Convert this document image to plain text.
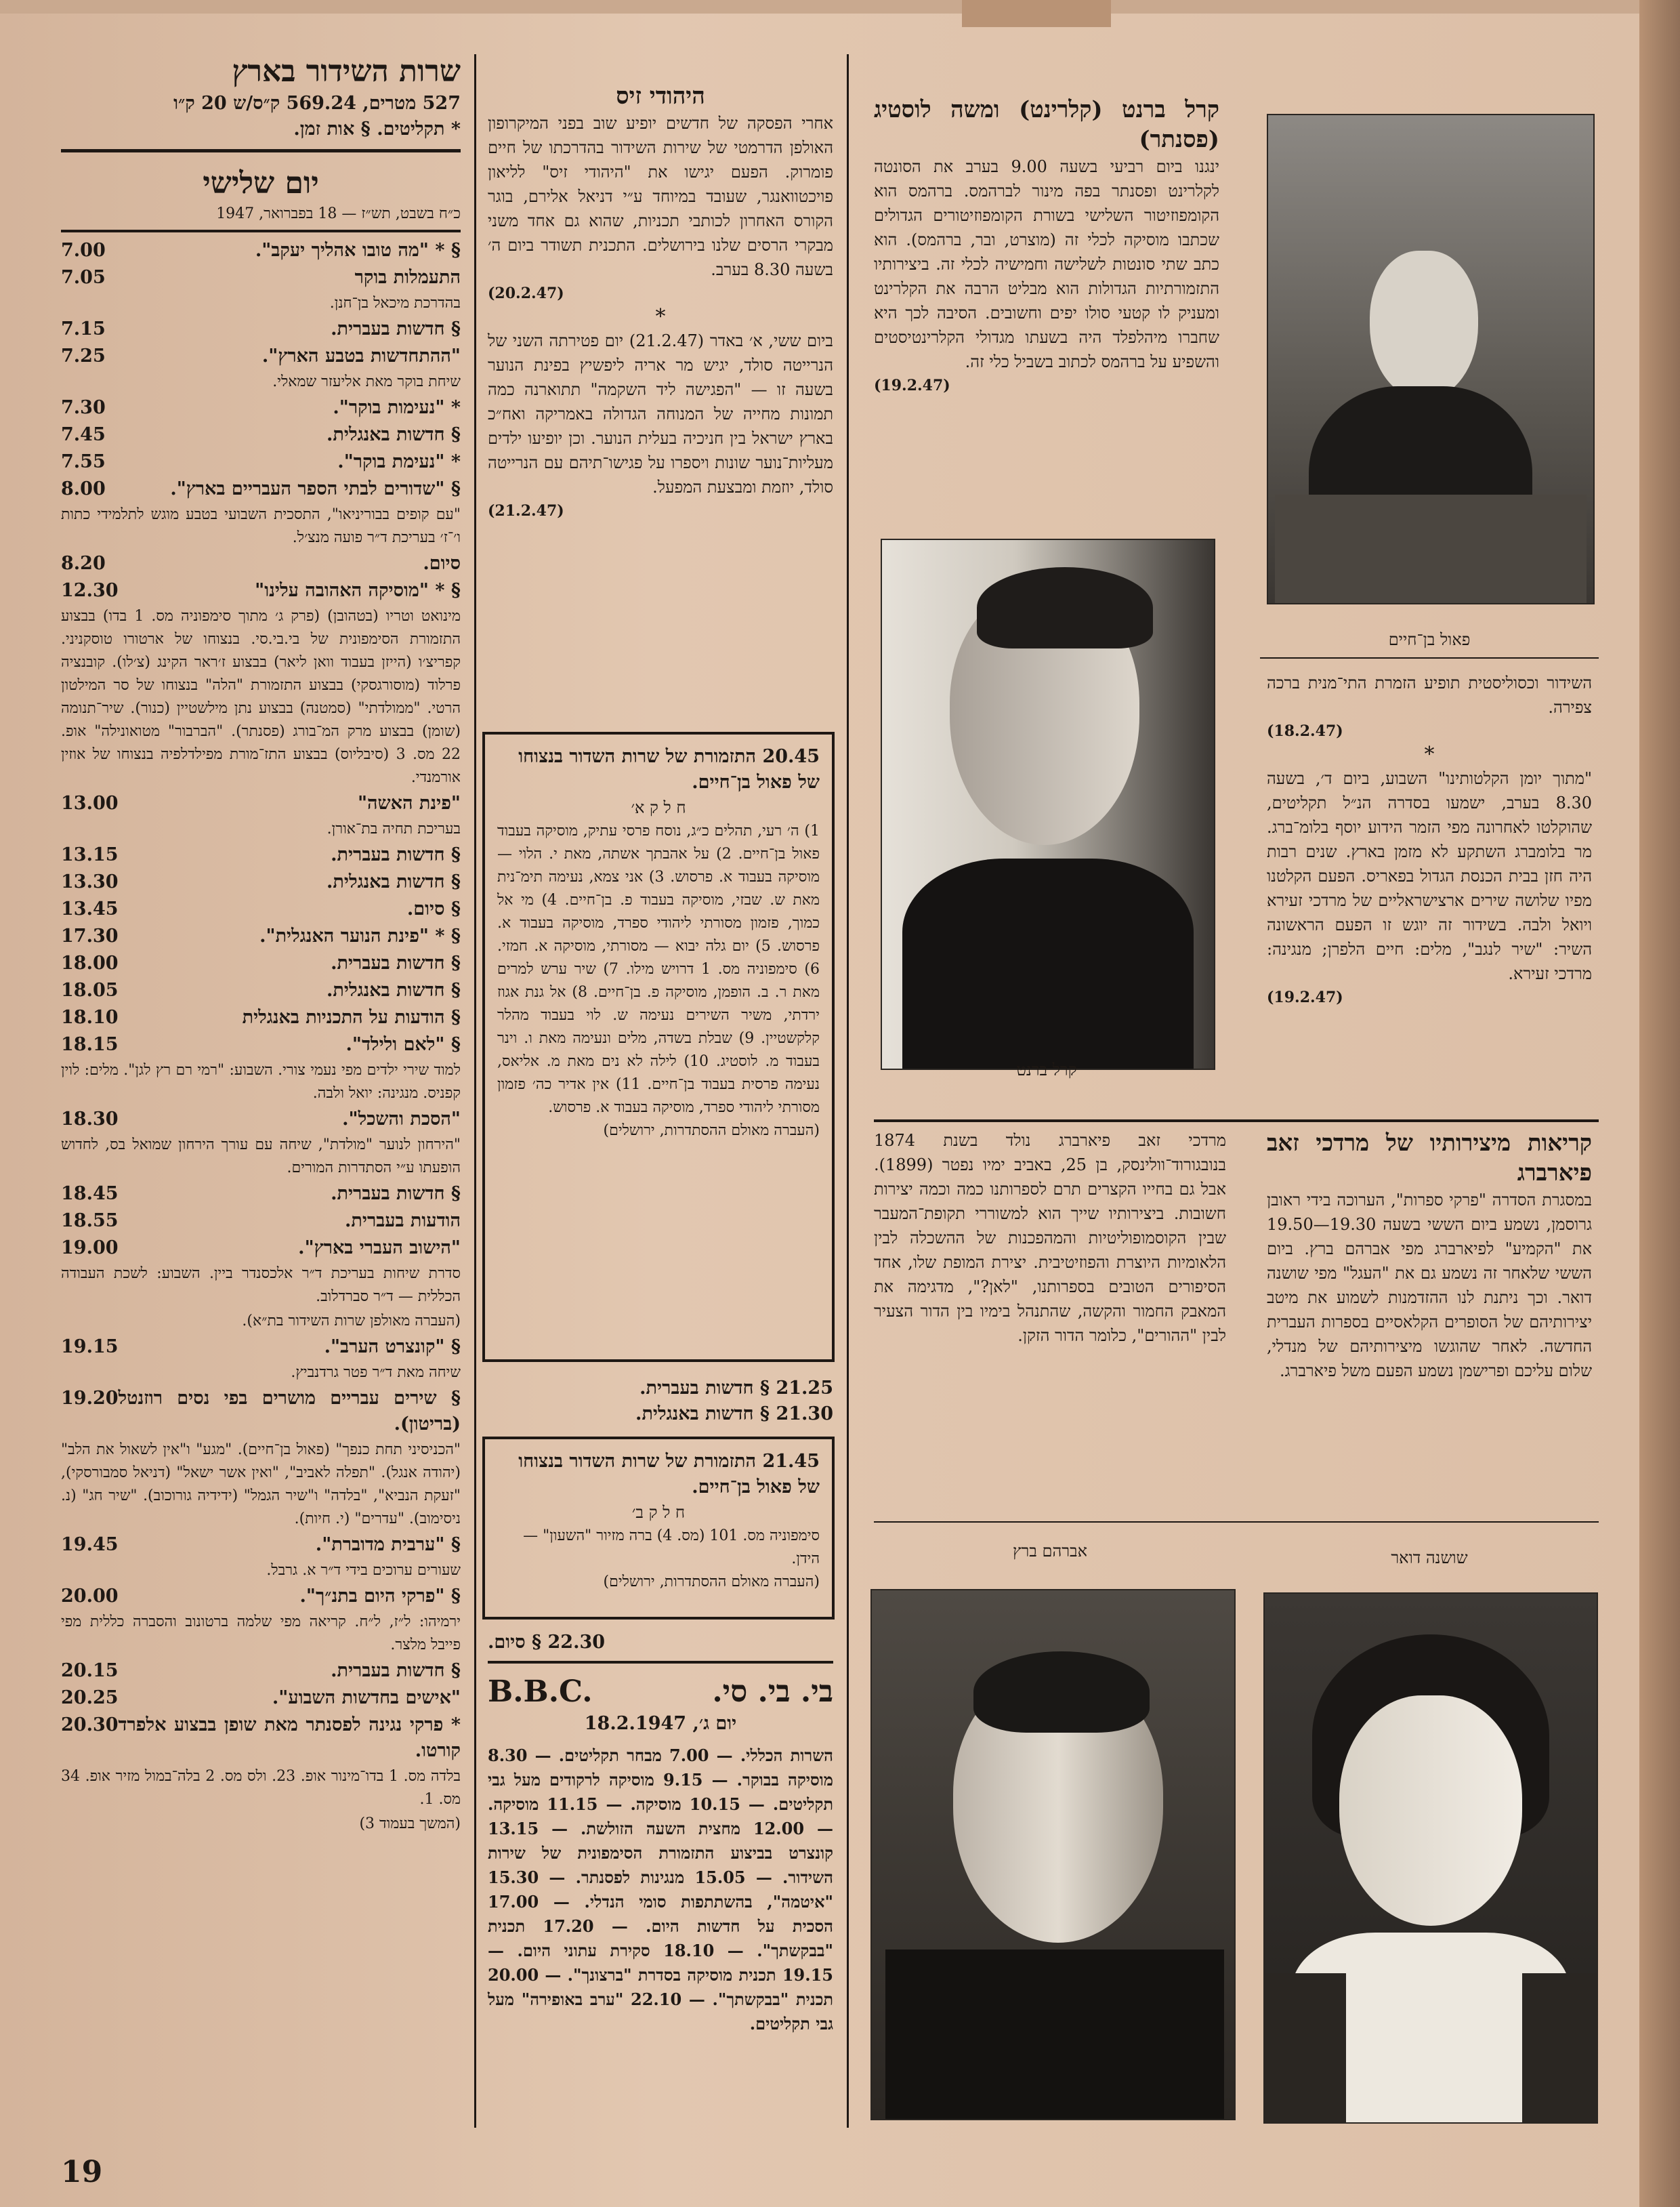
שרות השידור בארץ
527 מטרים, 569.24 ק״ס/ש 20 ק״ו
* תקליטים. § אות זמן.
יום שלישי
כ״ח בשבט, תש״ז — 18 בפברואר, 1947
7.00	§ * "מה טובו אהליך יעקב".
7.05	התעמלות בוקר
בהדרכת מיכאל בן־חנן.
7.15	§ חדשות בעברית.
7.25	"ההתחדשות בטבע הארץ".
שיחת בוקר מאת אליעזר שמאלי.
7.30	* "נעימות בוקר".
7.45	§ חדשות באנגלית.
7.55	* "נעימת בוקר".
8.00	§ "שדורים לבתי הספר העבריים בארץ".
"עם קופים בבוריניאו", התסכית השבועי בטבע מוגש לתלמידי כתות ו׳־ז׳ בעריכת ד״ר פועה מנצ׳ל.
8.20	סיום.
12.30	§ * "מוסיקה האהובה עלינו"
מינואט וטריו (בטהובן) (פרק ג׳ מתוך סימפוניה מס. 1 בדו) בבצוע התזמורת הסימפונית של בי.בי.סי. בנצוחו של ארטורו טוסקניני. קפריצ׳ו (הייזן בעבוד וואן ליאר) בבצוע ז׳ראר הקינג (צ׳לו). קובנציה פרלוד (מוסורגסקי) בבצוע התזמורת "הלה" בנצוחו של סר המילטון הרטי. "ממולדתי" (סמטנה) בבצוע נתן מילשטיין (כנור). שיר־תנומה (שומן) בבצוע מרק המ־בורג (פסנתר). "הברבור" מטואונילה" אופ. 22 מס. 3 (סיבליוס) בבצוע התז־מורת מפילדלפיה בנצוחו של אוזין אורמנדי.
13.00	"פינת האשה"
בעריכת תחיה בת־אורן.
13.15	§ חדשות בעברית.
13.30	§ חדשות באנגלית.
13.45	§ סיום.
17.30	§ * "פינת הנוער האנגלית".
18.00	§ חדשות בעברית.
18.05	§ חדשות באנגלית.
18.10	§ הודעות על התכניות באנגלית
18.15	§ "לאם ולילד".
למוד שירי ילדים מפי נעמי צורי. השבוע: "רמי רם רץ לגן". מלים: לוין קפניס. מנגינה: יואל ולבה.
18.30	"הסכת והשכל".
"הירחון לנוער "מולדת", שיחה עם עורך הירחון שמואל בס, לחדוש הופעתו ע״י הסתדרות המורים.
18.45	§ חדשות בעברית.
18.55	הודעות בעברית.
19.00	"הישוב העברי בארץ".
סדרת שיחות בעריכת ד״ר אלכסנדר ביין. השבוע: לשכת העבודה הכללית — ד״ר סברדלוב.
(העברה מאולפן שרות השידור בת״א).
19.15	§ "קונצרט הערב".
שיחה מאת ד״ר פטר גרדנביץ.
19.20 § שירים עבריים מושרים בפי נסים רוזנטל (בריטון).
"הכניסיני תחת כנפך" (פאול בן־חיים). "מגע" ו"אין לשאול את הלב" (יהודה אנגל). "תפלה לאביב", "ואין אשר ישאל" (דניאל סמבורסקי), "זעקת הנביא", "בלדה" ו"שיר הגמל" (ידידיה גורוכוב). "שיר חג" (נ. ניסימוב). "עדרים" (י. חיות).
19.45	§ "ערבית מדוברת".
שעורים ערוכים בידי ד״ר א. גרבל.
20.00	§ "פרקי היום בתנ״ך".
ירמיהו: ל״ז, ל״ח. קריאה מפי שלמה ברטונוב והסברה כללית מפי פייבל מלצר.
20.15	§ חדשות בעברית.
20.25	"אישים בחדשות השבוע".
20.30 * פרקי נגינה לפסנתר מאת שופן בבצוע אלפרד קורטו.
בלדה מס. 1 בדו־מינור אופ. 23. ולס מס. 2 בלה־במול מזיר אופ. 34 מס. 1.
(המשך בעמוד 3)
היהודי זיס
אחרי הפסקה של חדשים יופיע שוב בפני המיקרופון האולפן הדרמטי של שירות השידור בהדרכתו של חיים פומרוק. הפעם יגישו את "היהודי זיס" לליאון פויכטוואנגר, שעובד במיוחד ע״י דניאל אלירם, בוגר הקורס האחרון לכותבי תכניות, שהוא גם אחד משני מבקרי הרסים שלנו בירושלים. התכנית תשודר ביום ה׳ בשעה 8.30 בערב.
(20.2.47)
*
ביום ששי, א׳ באדר (21.2.47) יום פטירתה השני של הנרייטה סולד, יגיש מר אריה ליפשיץ בפינת הנוער בשעה זו — "הפגישה ליד השקמה" תתוארנה כמה תמונות מחייה של המנוחה הגדולה באמריקה ואח״כ בארץ ישראל בין חניכיה בעלית הנוער. וכן יופיעו ילדים מעליות־נוער שונות ויספרו על פגישו־תיהם עם הנרייטה סולד, יוזמת ומבצעת המפעל.
(21.2.47)
20.45 התזמורת של שרות השדור בנצוחו של פאול בן־חיים.
ח ל ק א׳
1) ה׳ רעי, תהלים כ״ג, נוסח פרסי עתיק, מוסיקה בעבוד פאול בן־חיים. 2) על אהבתך אשתה, מאת י. הלוי — מוסיקה בעבוד א. פרסוש. 3) אני צמא, נעימה תימ־נית מאת ש. שבזי, מוסיקה בעבוד פ. בן־חיים. 4) מי אל כמוך, פזמון מסורתי ליהודי ספרד, מוסיקה בעבוד א. פרסוש. 5) יום גלה יבוא — מסורתי, מוסיקה א. חמזי. 6) סימפוניה מס. 1 דרויש מילו. 7) שיר ערש למרים מאת ר. ב. הופמן, מוסיקה פ. בן־חיים. 8) אל גנת אגוז ירדתי, משיר השירים נעימה ש. לוי בעבוד מהלר קלקשטיין. 9) שבלת בשדה, מלים ונעימה מאת ו. וינר בעבוד מ. לוסטיג. 10) לילה לא נים מאת מ. אליאס, נעימה פרסית בעבוד בן־חיים. 11) אין אדיר כה׳ פזמון מסורתי ליהודי ספרד, מוסיקה בעבוד א. פרסוש.
(העברה מאולם ההסתדרות, ירושלים)
21.25 § חדשות בעברית.
21.30 § חדשות באנגלית.
21.45 התזמורת של שרות השדור בנצוחו של פאול בן־חיים.
ח ל ק ב׳
סימפוניה מס. 101 (מס. 4) ברה מזיור "השעון" — הידן.
(העברה מאולם ההסתדרות, ירושלים)
22.30 § סיום.
בי. בי. סי.
B.B.C.
יום ג׳, 18.2.1947
השרות הכללי. — 7.00 מבחר תקליטים. — 8.30 מוסיקה בבוקר. — 9.15 מוסיקה לרקודים מעל גבי תקליטים. — 10.15 מוסיקה. — 11.15 מוסיקה. — 12.00 מחצית השעה הזולשת. — 13.15 קונצרט בביצוע התזמורת הסימפונית של שירות השידור. — 15.05 מנגינות לפסנתר. — 15.30 "איטמה", בהשתתפות סומי הנדלי. — 17.00 הסכית על חדשות היום. — 17.20 תכנית "בבקשתך". — 18.10 סקירת עתוני היום. — 19.15 תכנית מוסיקה בסדרת "ברצונך". — 20.00 תכנית "בבקשתך". — 22.10 "ערב באופירה" מעל גבי תקליטים.
קרל ברנט (קלרינט) ומשה לוסטיג (פסנתר)
ינגנו ביום רביעי בשעה 9.00 בערב את הסונטה לקלרינט ופסנתר בפה מינור לברהמס. ברהמס הוא הקומפוזיטור השלישי בשורת הקומפוזיטורים הגדולים שכתבו מוסיקה לכלי זה (מוצרט, ובר, ברהמס). הוא כתב שתי סונטות לשלישה וחמישיה לכלי זה. ביצירותיו התזמורתיות הגדולות הוא מבליט הרבה את הקלרינט ומעניק לו קטעי סולו יפים וחשובים. הסיבה לכך היא שחברו מיהלפלד היה בשעתו מגדולי הקלרינטיסטים והשפיע על ברהמס לכתוב בשביל כלי זה.
(19.2.47)
פאול בן־חיים
השידור וכסוליסטית תופיע הזמרת התי־מנית ברכה צפירה.
(18.2.47)
*
"מתוך יומן הקלטותינו" השבוע, ביום ד׳, בשעה 8.30 בערב, ישמעו בסדרה הנ״ל תקליטים, שהוקלטו לאחרונה מפי הזמר הידוע יוסף בלומ־ברג. מר בלומברג השתקע לא מזמן בארץ. שנים רבות היה חזן בבית הכנסת הגדול בפאריס. הפעם הקלטנו מפיו שלושה שירים ארצישראליים של מרדכי זעירא ויואל ולבה. בשידור זה יוגש זו הפעם הראשונה השיר: "שיר לנגב", מלים: חיים הלפרן; מנגינה: מרדכי זעירא.
(19.2.47)
קרל ברנט
קריאות מיצירותיו של מרדכי זאב פיארברג
במסגרת הסדרה "פרקי ספרות", הערוכה בידי ראובן גרוסמן, נשמע ביום הששי בשעה 19.30—19.50 את "הקמיע" לפיארברג מפי אברהם ברץ. ביום הששי שלאחר זה נשמע גם את "העגל" מפי שושנה דואר. וכך ניתנת לנו ההזדמנות לשמוע את מיטב יצירותיהם של הסופרים הקלאסיים בספרות העברית החדשה. לאחר שהוגשו מיצירותיהם של מנדלי, שלום עליכם ופרישמן נשמע הפעם משל פיארברג.
מרדכי זאב פיארברג נולד בשנת 1874 בנובגורוד־וולינסק, בן 25, באביב ימיו נפטר (1899). אבל גם בחייו הקצרים תרם לספרותנו כמה וכמה יצירות חשובות. ביצירותיו שייך הוא למשוררי תקופת־המעבר שבין הקוסמופוליטיות והמהפכנות של ההשכלה לבין הלאומיות היוצרת והפוזיטיבית. יצירת המופת שלו, אחד הסיפורים הטובים בספרותנו, "לאן?", מדגימה את המאבק החמור והקשה, שהתנהל בימיו בין הדור הצעיר לבין "ההורים", כלומר הדור הזקן.
שושנה דואר
אברהם ברץ
19
